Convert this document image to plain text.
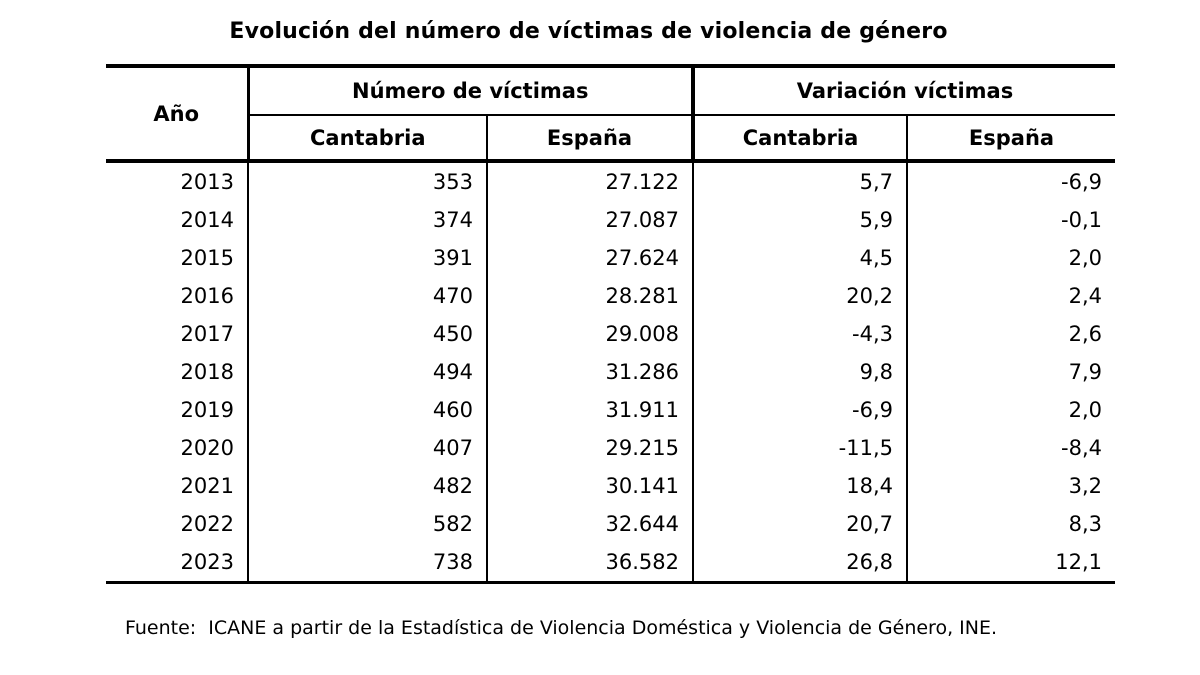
Evolución del número de víctimas de violencia de género
Año	Número de víctimas		Variación víctimas	
	Cantabria	España	Cantabria	España
2013	353	27.122	5,7	-6,9
2014	374	27.087	5,9	-0,1
2015	391	27.624	4,5	2,0
2016	470	28.281	20,2	2,4
2017	450	29.008	-4,3	2,6
2018	494	31.286	9,8	7,9
2019	460	31.911	-6,9	2,0
2020	407	29.215	-11,5	-8,4
2021	482	30.141	18,4	3,2
2022	582	32.644	20,7	8,3
2023	738	36.582	26,8	12,1
Fuente:  ICANE a partir de la Estadística de Violencia Doméstica y Violencia de Género, INE.
